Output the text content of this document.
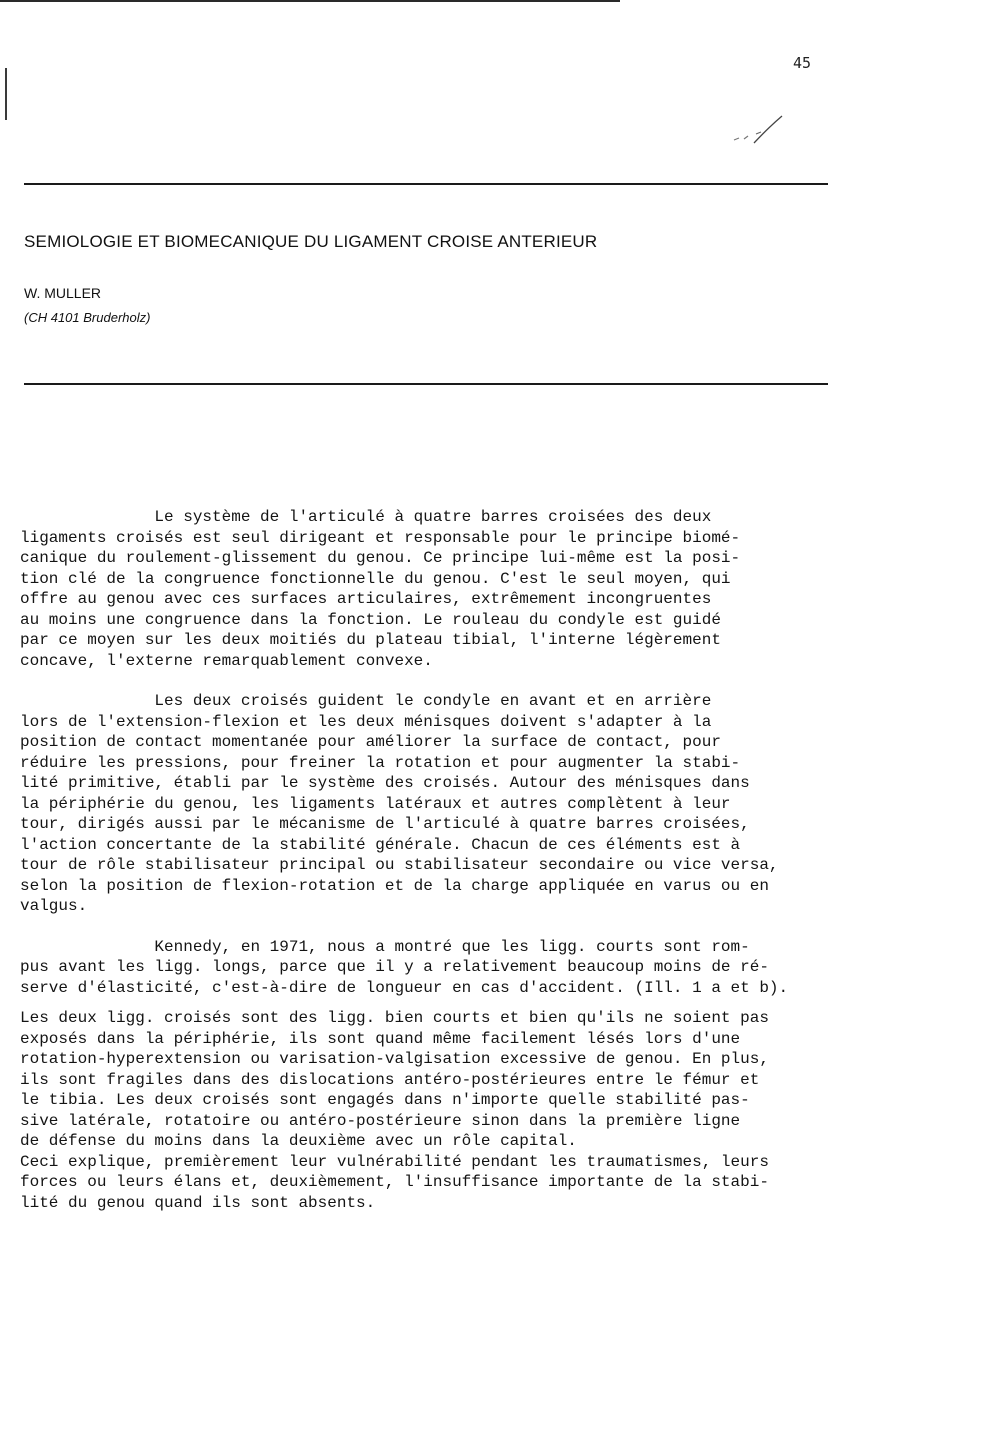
45
SEMIOLOGIE ET BIOMECANIQUE DU LIGAMENT CROISE ANTERIEUR
W. MULLER
(CH 4101 Bruderholz)
Le système de l'articulé à quatre barres croisées des deux
ligaments croisés est seul dirigeant et responsable pour le principe biomé-
canique du roulement-glissement du genou. Ce principe lui-même est la posi-
tion clé de la congruence fonctionnelle du genou. C'est le seul moyen, qui
offre au genou avec ces surfaces articulaires, extrêmement incongruentes
au moins une congruence dans la fonction. Le rouleau du condyle est guidé
par ce moyen sur les deux moitiés du plateau tibial, l'interne légèrement
concave, l'externe remarquablement convexe.
Les deux croisés guident le condyle en avant et en arrière
lors de l'extension-flexion et les deux ménisques doivent s'adapter à la
position de contact momentanée pour améliorer la surface de contact, pour
réduire les pressions, pour freiner la rotation et pour augmenter la stabi-
lité primitive, établi par le système des croisés. Autour des ménisques dans
la périphérie du genou, les ligaments latéraux et autres complètent à leur
tour, dirigés aussi par le mécanisme de l'articulé à quatre barres croisées,
l'action concertante de la stabilité générale. Chacun de ces éléments est à
tour de rôle stabilisateur principal ou stabilisateur secondaire ou vice versa,
selon la position de flexion-rotation et de la charge appliquée en varus ou en
valgus.
Kennedy, en 1971, nous a montré que les ligg. courts sont rom-
pus avant les ligg. longs, parce que il y a relativement beaucoup moins de ré-
serve d'élasticité, c'est-à-dire de longueur en cas d'accident. (Ill. 1 a et b).
Les deux ligg. croisés sont des ligg. bien courts et bien qu'ils ne soient pas
exposés dans la périphérie, ils sont quand même facilement lésés lors d'une
rotation-hyperextension ou varisation-valgisation excessive de genou. En plus,
ils sont fragiles dans des dislocations antéro-postérieures entre le fémur et
le tibia. Les deux croisés sont engagés dans n'importe quelle stabilité pas-
sive latérale, rotatoire ou antéro-postérieure sinon dans la première ligne
de défense du moins dans la deuxième avec un rôle capital.
Ceci explique, premièrement leur vulnérabilité pendant les traumatismes, leurs
forces ou leurs élans et, deuxièmement, l'insuffisance importante de la stabi-
lité du genou quand ils sont absents.
